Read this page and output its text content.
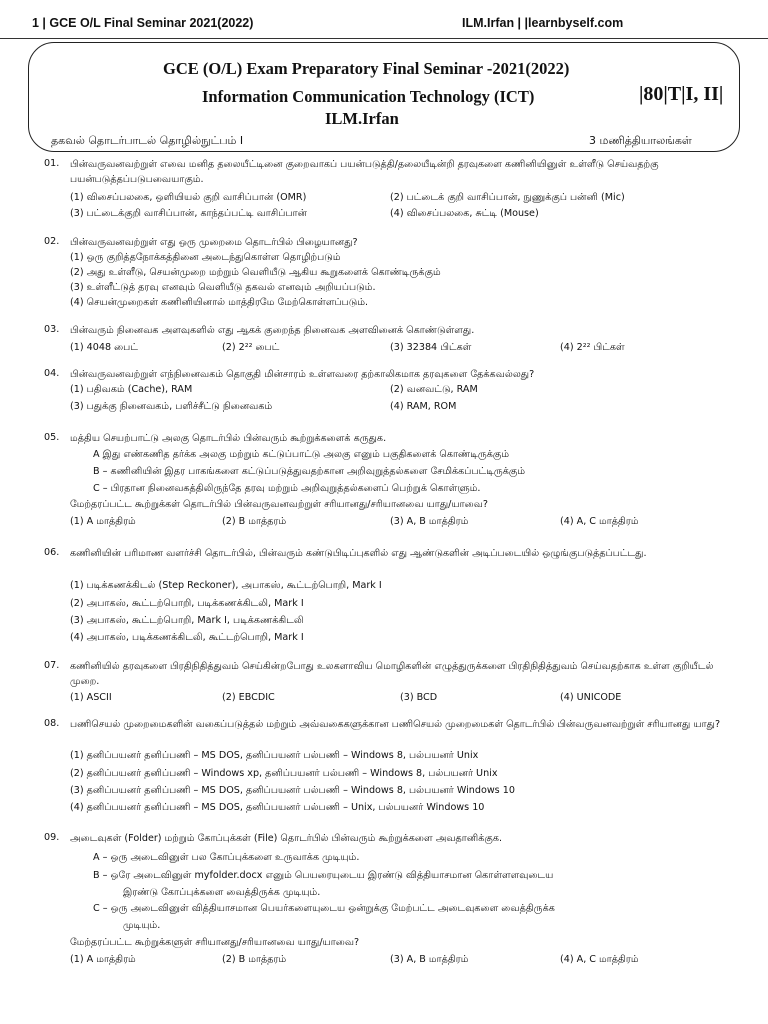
1 | GCE O/L Final Seminar 2021(2022)	ILM.Irfan | |learnbyself.com
GCE (O/L) Exam Preparatory Final Seminar -2021(2022)
Information Communication Technology (ICT)	|80|T|I, II|
ILM.Irfan
தகவல் தொடர்பாடல் தொழில்நுட்பம் I	3 மணித்தியாலங்கள்
01. பின்வருவனவற்றுள் எவை மனித தலையீட்டினை குறைவாகப் பயன்படுத்தி/தலையீடின்றி தரவுகளை கணினியினுள் உள்ளீடு செய்வதற்கு பயன்படுத்தப்படுபவையாகும்.
(1) விசைப்பலகை, ஒளியியல் குறி வாசிப்பான் (OMR)	(2) பட்டைக் குறி வாசிப்பான், நுணுக்குப் பன்னி (Mic)
(3) பட்டைக்குறி வாசிப்பான், காந்தப்பட்டி வாசிப்பான்	(4) விசைப்பலகை, சுட்டி (Mouse)
02. பின்வருவனவற்றுள் எது ஒரு முறைமை தொடர்பில் பிழையானது?
(1) ஒரு குறித்தநோக்கத்தினை அடைந்துகொள்ள தொழிற்படும்
(2) அது உள்ளீடு, செயன்முறை மற்றும் வெளியீடு ஆகிய கூறுகளைக் கொண்டிருக்கும்
(3) உள்ளீட்டுத் தரவு எனவும் வெளியீடு தகவல் எனவும் அறியப்படும்.
(4) செயன்முறைகள் கணினியினால் மாத்திரமே மேற்கொள்ளப்படும்.
03. பின்வரும் நினைவக அளவுகளில் எது ஆகக் குறைந்த நினைவக அளவினைக் கொண்டுள்ளது.
(1) 4048 பைட்	(2) 2²² பைட்	(3) 32384 பிட்கள்	(4) 2²² பிட்கள்
04. பின்வருவனவற்றுள் எந்நினைவகம் தொகுதி மின்சாரம் உள்ளவரை தற்காலிகமாக தரவுகளை தேக்கவல்லது?
(1) பதிவகம் (Cache), RAM	(2) வனவட்டு, RAM
(3) பதுக்கு நினைவகம், பளிச்சீட்டு நினைவகம்	(4) RAM, ROM
05. மத்திய செயற்பாட்டு அலகு தொடர்பில் பின்வரும் கூற்றுக்களைக் கருதுக.
A இது எண்கணித தர்க்க அலகு மற்றும் கட்டுப்பாட்டு அலகு எனும் பகுதிகளைக் கொண்டிருக்கும்
B – கணினியின் இதர பாகங்களை கட்டுப்படுத்துவதற்கான அறிவுறுத்தல்களை சேமிக்கப்பட்டிருக்கும்
C – பிரதான நினைவகத்திலிருந்தே தரவு மற்றும் அறிவுறுத்தல்களைப் பெற்றுக் கொள்ளும்.
மேற்தரப்பட்ட கூற்றுக்கள் தொடர்பில் பின்வருவனவற்றுள் சரியானது/சரியானவை யாது/யாவை?
(1) A மாத்திரம்	(2) B மாத்தரம்	(3) A, B மாத்திரம்	(4) A, C மாத்திரம்
06. கணினியின் பரிமாண வளர்ச்சி தொடர்பில், பின்வரும் கண்டுபிடிப்புகளில் எது ஆண்டுகளின் அடிப்படையில் ஒழுங்குபடுத்தப்பட்டது.
(1) படிக்கணக்கிடல் (Step Reckoner), அபாகஸ், கூட்டற்பொறி, Mark I
(2) அபாகஸ், கூட்டற்பொறி, படிக்கணக்கிடலி, Mark I
(3) அபாகஸ், கூட்டற்பொறி, Mark I, படிக்கணக்கிடலி
(4) அபாகஸ், படிக்கணக்கிடலி, கூட்டற்பொறி, Mark I
07. கணினியில் தரவுகளை பிரதிநிதித்துவம் செய்கின்றபோது உலகளாவிய மொழிகளின் எழுத்துருக்களை பிரதிநிதித்துவம் செய்வதற்காக உள்ள குறியீடல் முறை.
(1) ASCII	(2) EBCDIC	(3) BCD	(4) UNICODE
08. பணிசெயல் முறைமைகளின் வகைப்படுத்தல் மற்றும் அவ்வகைகளுக்கான பணிசெயல் முறைமைகள் தொடர்பில் பின்வருவனவற்றுள் சரியானது யாது?
(1) தனிப்பயனர் தனிப்பணி – MS DOS, தனிப்பயனர் பல்பணி – Windows 8, பல்பயனர் Unix
(2) தனிப்பயனர் தனிப்பணி – Windows xp, தனிப்பயனர் பல்பணி – Windows 8, பல்பயனர் Unix
(3) தனிப்பயனர் தனிப்பணி – MS DOS, தனிப்பயனர் பல்பணி – Windows 8, பல்பயனர் Windows 10
(4) தனிப்பயனர் தனிப்பணி – MS DOS, தனிப்பயனர் பல்பணி – Unix, பல்பயனர் Windows 10
09. அடைவுகள் (Folder) மற்றும் கோப்புக்கள் (File) தொடர்பில் பின்வரும் கூற்றுக்களை அவதானிக்குக.
A – ஒரு அடைவினுள் பல கோப்புக்களை உருவாக்க முடியும்.
B – ஒரே அடைவினுள் myfolder.docx எனும் பெயரையுடைய இரண்டு வித்தியாசமான கொள்ளளவுடைய
இரண்டு கோப்புக்களை வைத்திருக்க முடியும்.
C – ஒரு அடைவினுள் வித்தியாசமான பெயர்களையுடைய ஒன்றுக்கு மேற்பட்ட அடைவுகளை வைத்திருக்க
முடியும்.
மேற்தரப்பட்ட கூற்றுக்களுள் சரியானது/சரியானவை யாது/யாவை?
(1) A மாத்திரம்	(2) B மாத்தரம்	(3) A, B மாத்திரம்	(4) A, C மாத்திரம்
